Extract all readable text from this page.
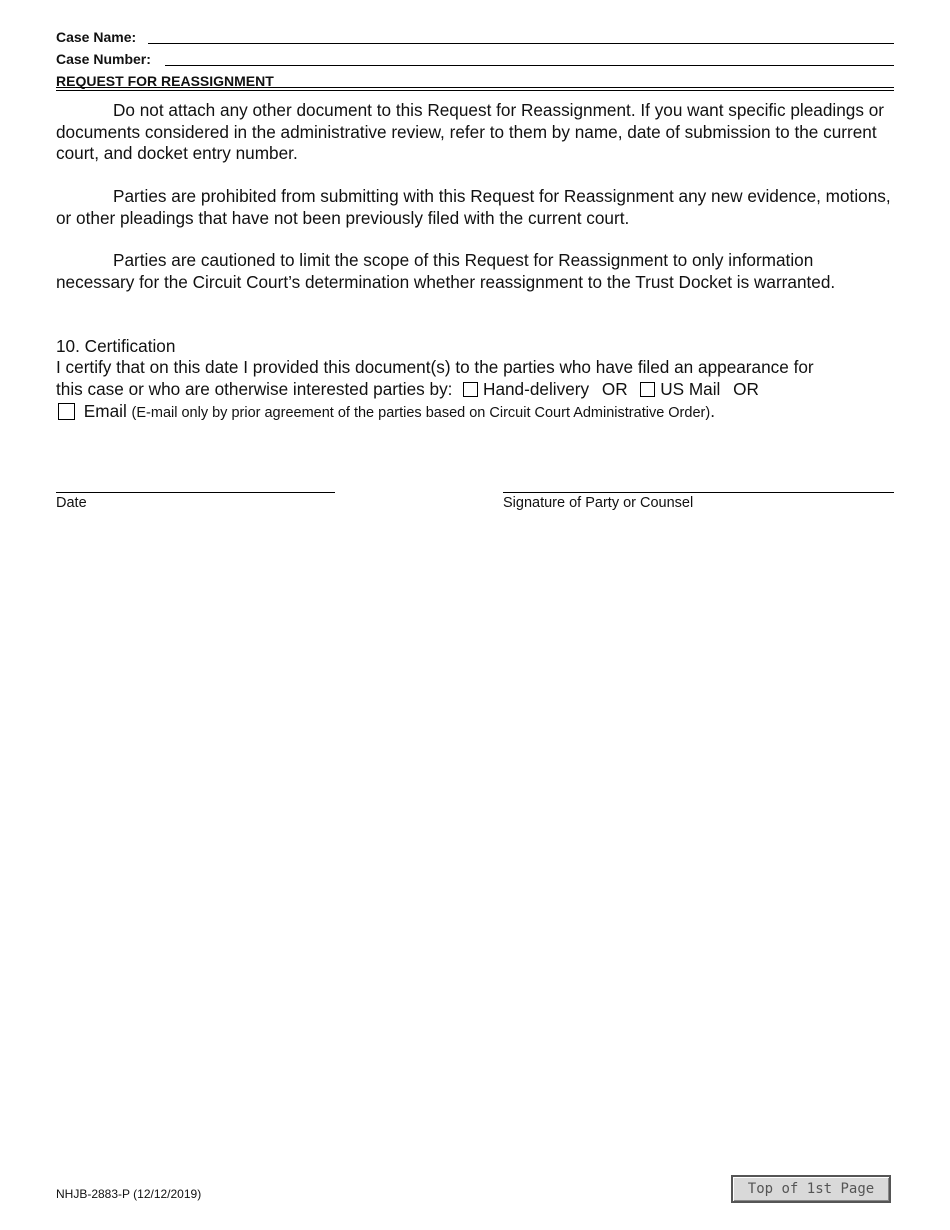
Case Name:
Case Number:
REQUEST FOR REASSIGNMENT
Do not attach any other document to this Request for Reassignment. If you want specific pleadings or documents considered in the administrative review, refer to them by name, date of submission to the current court, and docket entry number.
Parties are prohibited from submitting with this Request for Reassignment any new evidence, motions, or other pleadings that have not been previously filed with the current court.
Parties are cautioned to limit the scope of this Request for Reassignment to only information necessary for the Circuit Court’s determination whether reassignment to the Trust Docket is warranted.
10. Certification
I certify that on this date I provided this document(s) to the parties who have filed an appearance for
this case or who are otherwise interested parties by: Hand-delivery OR US Mail OR
Email (E-mail only by prior agreement of the parties based on Circuit Court Administrative Order).
Date	Signature of Party or Counsel
NHJB-2883-P (12/12/2019)	Top of 1st Page
